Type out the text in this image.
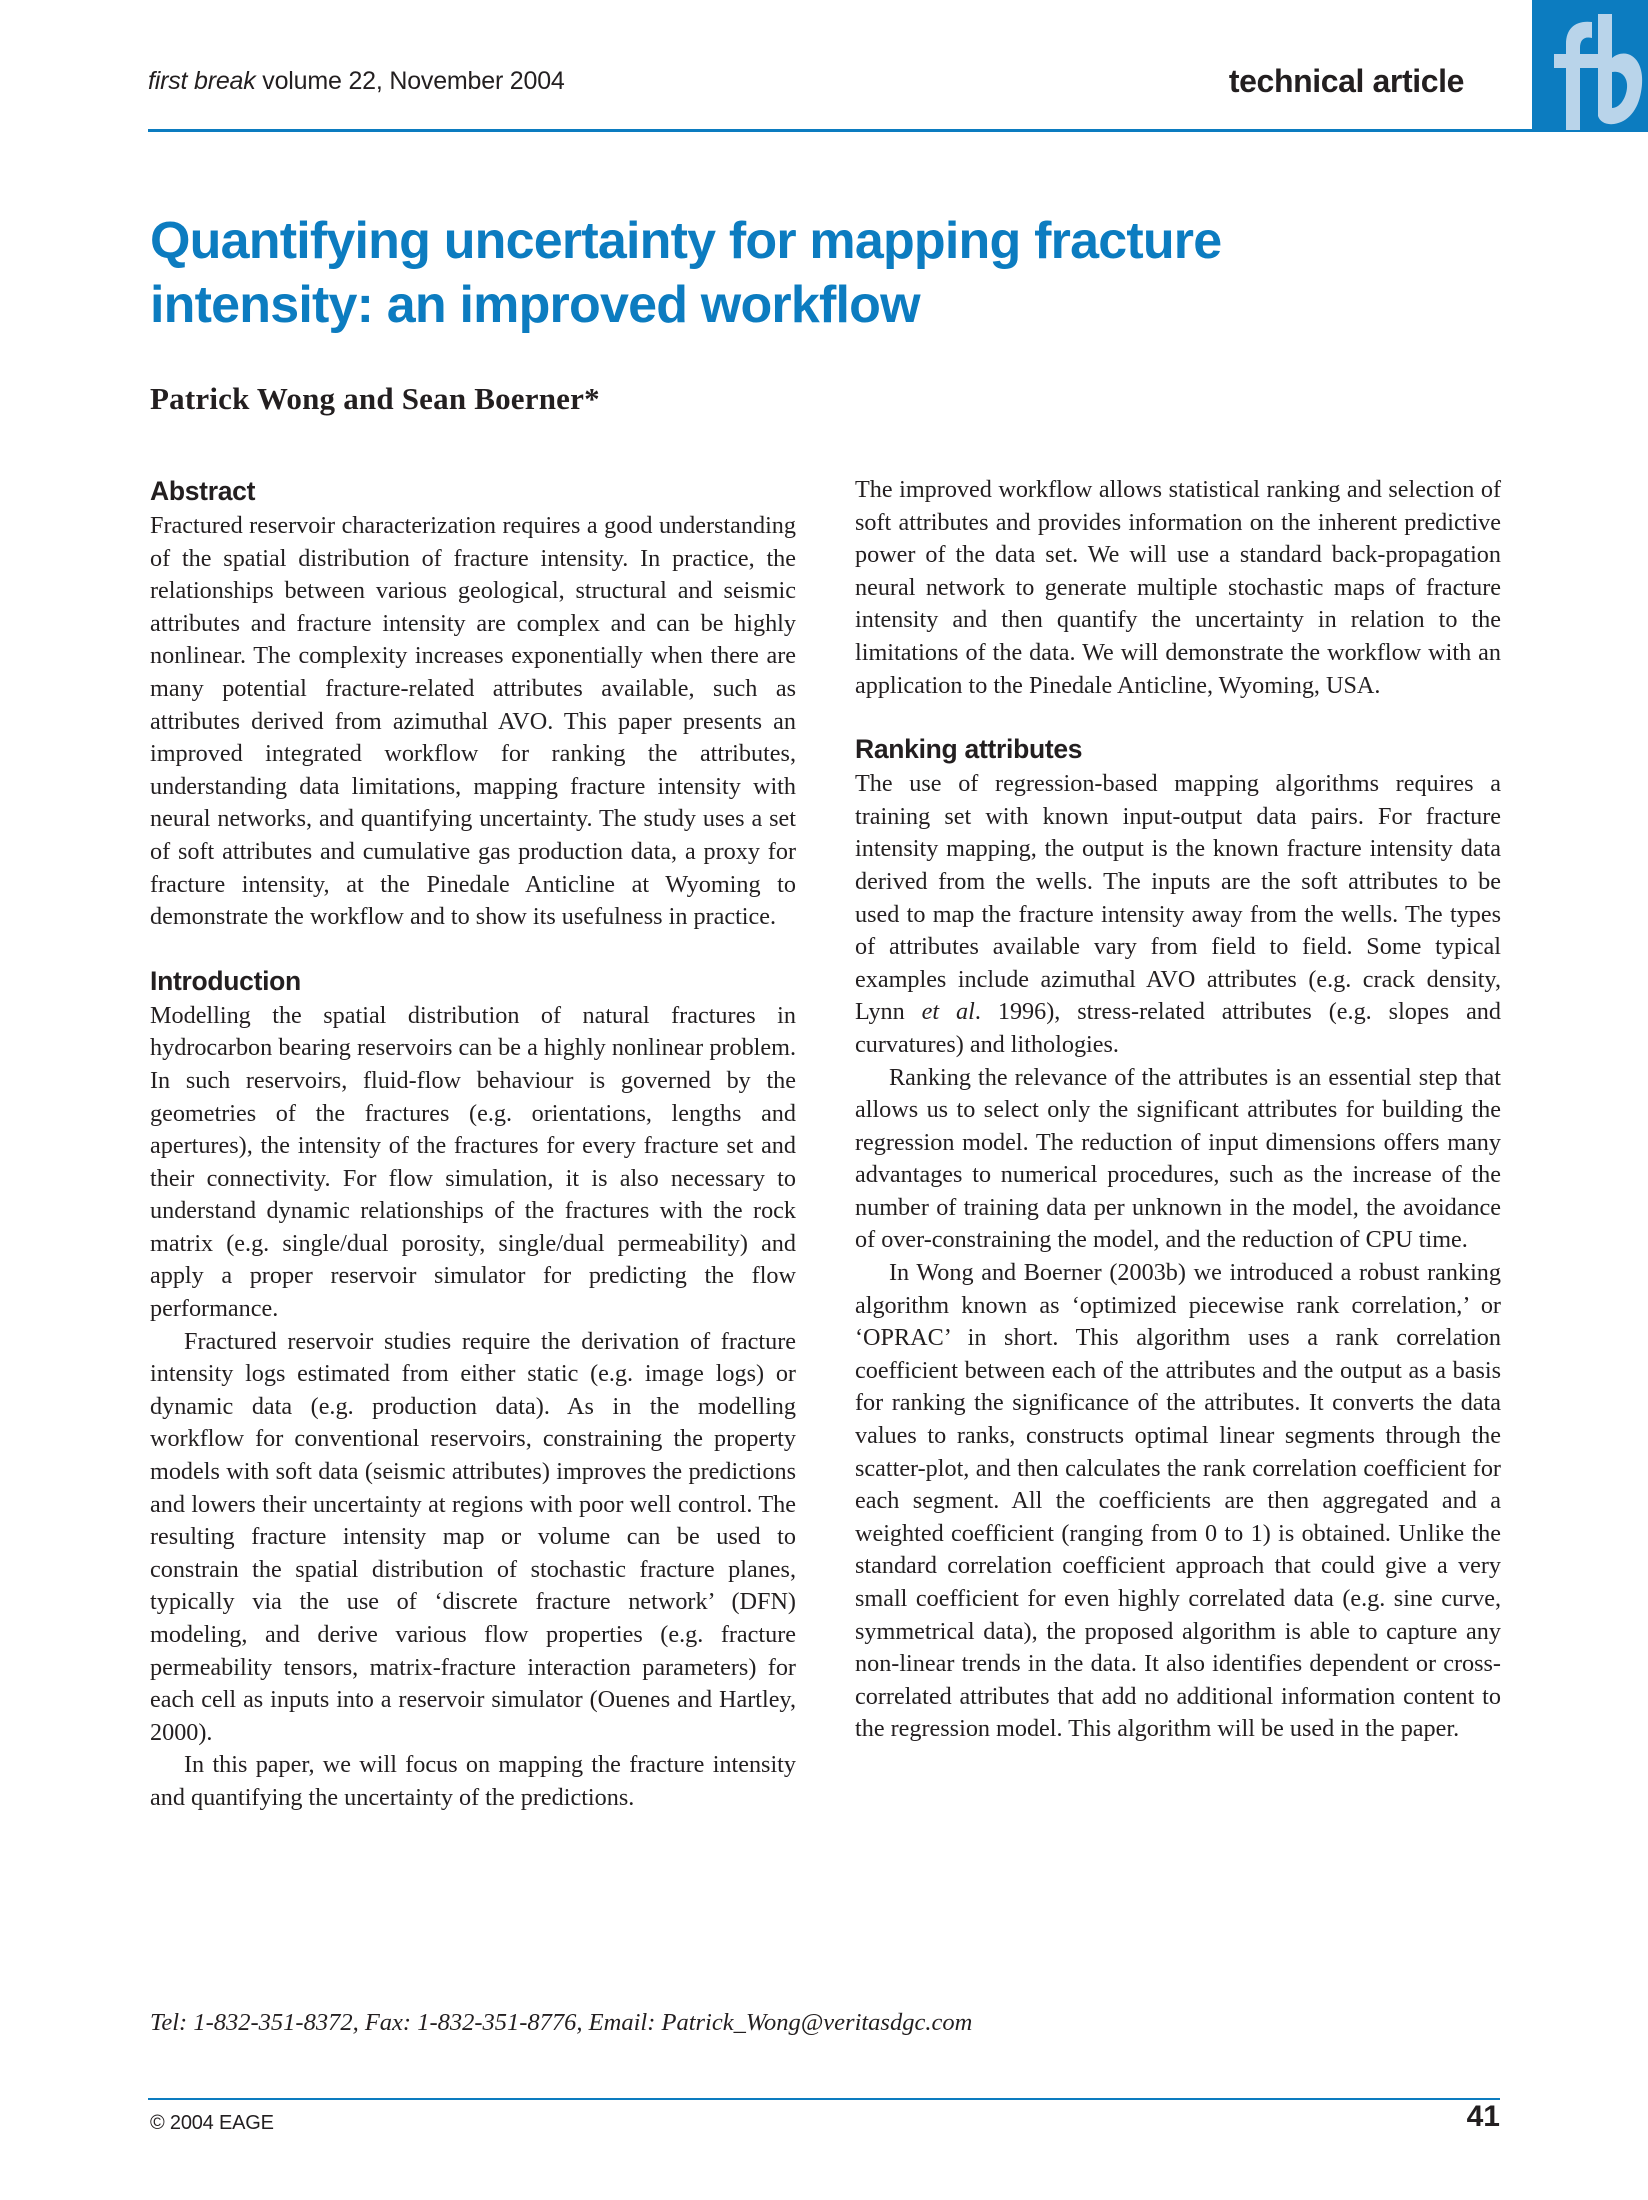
first break volume 22, November 2004	technical article
Quantifying uncertainty for mapping fracture intensity: an improved workflow
Patrick Wong and Sean Boerner*
Abstract

Fractured reservoir characterization requires a good understanding of the spatial distribution of fracture intensity. In practice, the relationships between various geological, structural and seismic attributes and fracture intensity are complex and can be highly nonlinear. The complexity increases exponentially when there are many potential fracture-related attributes available, such as attributes derived from azimuthal AVO. This paper presents an improved integrated workflow for ranking the attributes, understanding data limitations, mapping fracture intensity with neural networks, and quantifying uncertainty. The study uses a set of soft attributes and cumulative gas production data, a proxy for fracture intensity, at the Pinedale Anticline at Wyoming to demonstrate the workflow and to show its usefulness in practice.

Introduction

Modelling the spatial distribution of natural fractures in hydrocarbon bearing reservoirs can be a highly nonlinear problem. In such reservoirs, fluid-flow behaviour is governed by the geometries of the fractures (e.g. orientations, lengths and apertures), the intensity of the fractures for every fracture set and their connectivity. For flow simulation, it is also necessary to understand dynamic relationships of the fractures with the rock matrix (e.g. single/dual porosity, single/dual permeability) and apply a proper reservoir simulator for predicting the flow performance.

Fractured reservoir studies require the derivation of fracture intensity logs estimated from either static (e.g. image logs) or dynamic data (e.g. production data). As in the modelling workflow for conventional reservoirs, constraining the property models with soft data (seismic attributes) improves the predictions and lowers their uncertainty at regions with poor well control. The resulting fracture intensity map or volume can be used to constrain the spatial distribution of stochastic fracture planes, typically via the use of ‘discrete fracture network’ (DFN) modeling, and derive various flow properties (e.g. fracture permeability tensors, matrix-fracture interaction parameters) for each cell as inputs into a reservoir simulator (Ouenes and Hartley, 2000).

In this paper, we will focus on mapping the fracture intensity and quantifying the uncertainty of the predictions.

The improved workflow allows statistical ranking and selection of soft attributes and provides information on the inherent predictive power of the data set. We will use a standard back-propagation neural network to generate multiple stochastic maps of fracture intensity and then quantify the uncertainty in relation to the limitations of the data. We will demonstrate the workflow with an application to the Pinedale Anticline, Wyoming, USA.

Ranking attributes

The use of regression-based mapping algorithms requires a training set with known input-output data pairs. For fracture intensity mapping, the output is the known fracture intensity data derived from the wells. The inputs are the soft attributes to be used to map the fracture intensity away from the wells. The types of attributes available vary from field to field. Some typical examples include azimuthal AVO attributes (e.g. crack density, Lynn et al. 1996), stress-related attributes (e.g. slopes and curvatures) and lithologies.

Ranking the relevance of the attributes is an essential step that allows us to select only the significant attributes for building the regression model. The reduction of input dimensions offers many advantages to numerical procedures, such as the increase of the number of training data per unknown in the model, the avoidance of over-constraining the model, and the reduction of CPU time.

In Wong and Boerner (2003b) we introduced a robust ranking algorithm known as ‘optimized piecewise rank correlation,’ or ‘OPRAC’ in short. This algorithm uses a rank correlation coefficient between each of the attributes and the output as a basis for ranking the significance of the attributes. It converts the data values to ranks, constructs optimal linear segments through the scatter-plot, and then calculates the rank correlation coefficient for each segment. All the coefficients are then aggregated and a weighted coefficient (ranging from 0 to 1) is obtained. Unlike the standard correlation coefficient approach that could give a very small coefficient for even highly correlated data (e.g. sine curve, symmetrical data), the proposed algorithm is able to capture any non-linear trends in the data. It also identifies dependent or cross-correlated attributes that add no additional information content to the regression model. This algorithm will be used in the paper.

Tel: 1-832-351-8372, Fax: 1-832-351-8776, Email: Patrick_Wong@veritasdgc.com
© 2004 EAGE	41
